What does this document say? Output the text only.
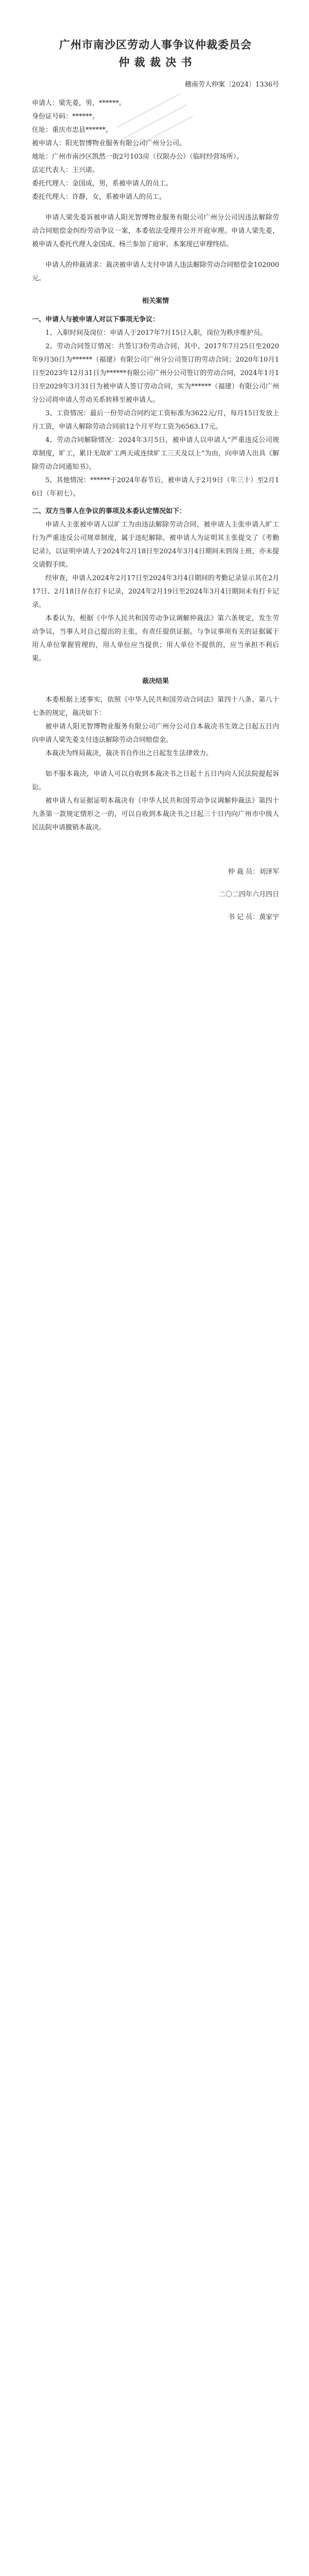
广州市南沙区劳动人事争议仲裁委员会
仲 裁 裁 决 书
穗南劳人仲案〔2024〕1336号

申请人：梁先菱，男，******。

身份证号码：******。

住址：重庆市忠县******。

被申请人：阳光智博物业服务有限公司广州分公司。

地址：广州市南沙区凯然一街2号103房（仅限办公）（临时经营场所）。

法定代表人：王兴诺。

委托代理人：金国成，男，系被申请人的员工。

委托代理人：许静，女，系被申请人的员工。

申请人梁先菱诉被申请人阳光智博物业服务有限公司广州分公司因违法解除劳动合同赔偿金纠纷劳动争议一案，本委依法受理并公开开庭审理。申请人梁先菱，被申请人委托代理人金国成、杨兰参加了庭审。本案现已审理终结。

申请人的仲裁请求：裁决被申请人支付申请人违法解除劳动合同赔偿金102000元。

相关案情
一、申请人与被申请人对以下事项无争议：

1、入职时间及岗位：申请人于2017年7月15日入职，岗位为秩序维护员。

2、劳动合同签订情况：共签订3份劳动合同，其中，2017年7月25日至2020年9月30日为******（福建）有限公司广州分公司签订的劳动合同；2020年10月1日至2023年12月31日为******有限公司广州分公司签订的劳动合同，2024年1月1日至2029年3月31日为被申请人签订劳动合同，实为******（福建）有限公司广州分公司将申请人劳动关系转移至被申请人。

3、工资情况：最后一份劳动合同约定工资标准为3622元/月，每月15日发放上月工资，申请人解除劳动合同前12个月平均工资为6563.17元。

4、劳动合同解除情况：2024年3月5日，被申请人以申请人“严重违反公司规章制度，旷工，累计无故旷工两天或连续旷工三天及以上”为由，向申请人出具《解除劳动合同通知书》。

5、其他情况：******于2024年春节后，被申请人于2月9日（年三十）至2月16日（年初七）。

二、双方当事人在争议的事项及本委认定情况如下：

申请人主张被申请人以旷工为由违法解除劳动合同，被申请人主张申请人旷工行为严重违反公司规章制度，属于违纪解除。被申请人为证明其主张提交了《考勤记录》，以证明申请人于2024年2月18日至2024年3月4日期间未到岗上班，亦未提交请假手续。

经审查，申请人2024年2月17日至2024年3月4日期间的考勤记录显示其在2月17日、2月18日存在打卡记录，2024年2月19日至2024年3月4日期间未有打卡记录。

本委认为，根据《中华人民共和国劳动争议调解仲裁法》第六条规定，发生劳动争议，当事人对自己提出的主张，有责任提供证据。与争议事项有关的证据属于用人单位掌握管理的，用人单位应当提供；用人单位不提供的，应当承担不利后果。

裁决结果

本委根据上述事实，依照《中华人民共和国劳动合同法》第四十八条、第八十七条的规定，裁决如下：

被申请人阳光智博物业服务有限公司广州分公司自本裁决书生效之日起五日内向申请人梁先菱支付违法解除劳动合同赔偿金。

本裁决为终局裁决，裁决书自作出之日起发生法律效力。

如不服本裁决，申请人可以自收到本裁决书之日起十五日内向人民法院提起诉讼。

被申请人有证据证明本裁决有《中华人民共和国劳动争议调解仲裁法》第四十九条第一款规定情形之一的，可以自收到本裁决书之日起三十日内向广州市中级人民法院申请撤销本裁决。

仲 裁 员：刘泽军

二〇二四年六月四日

书 记 员：黄家宇
